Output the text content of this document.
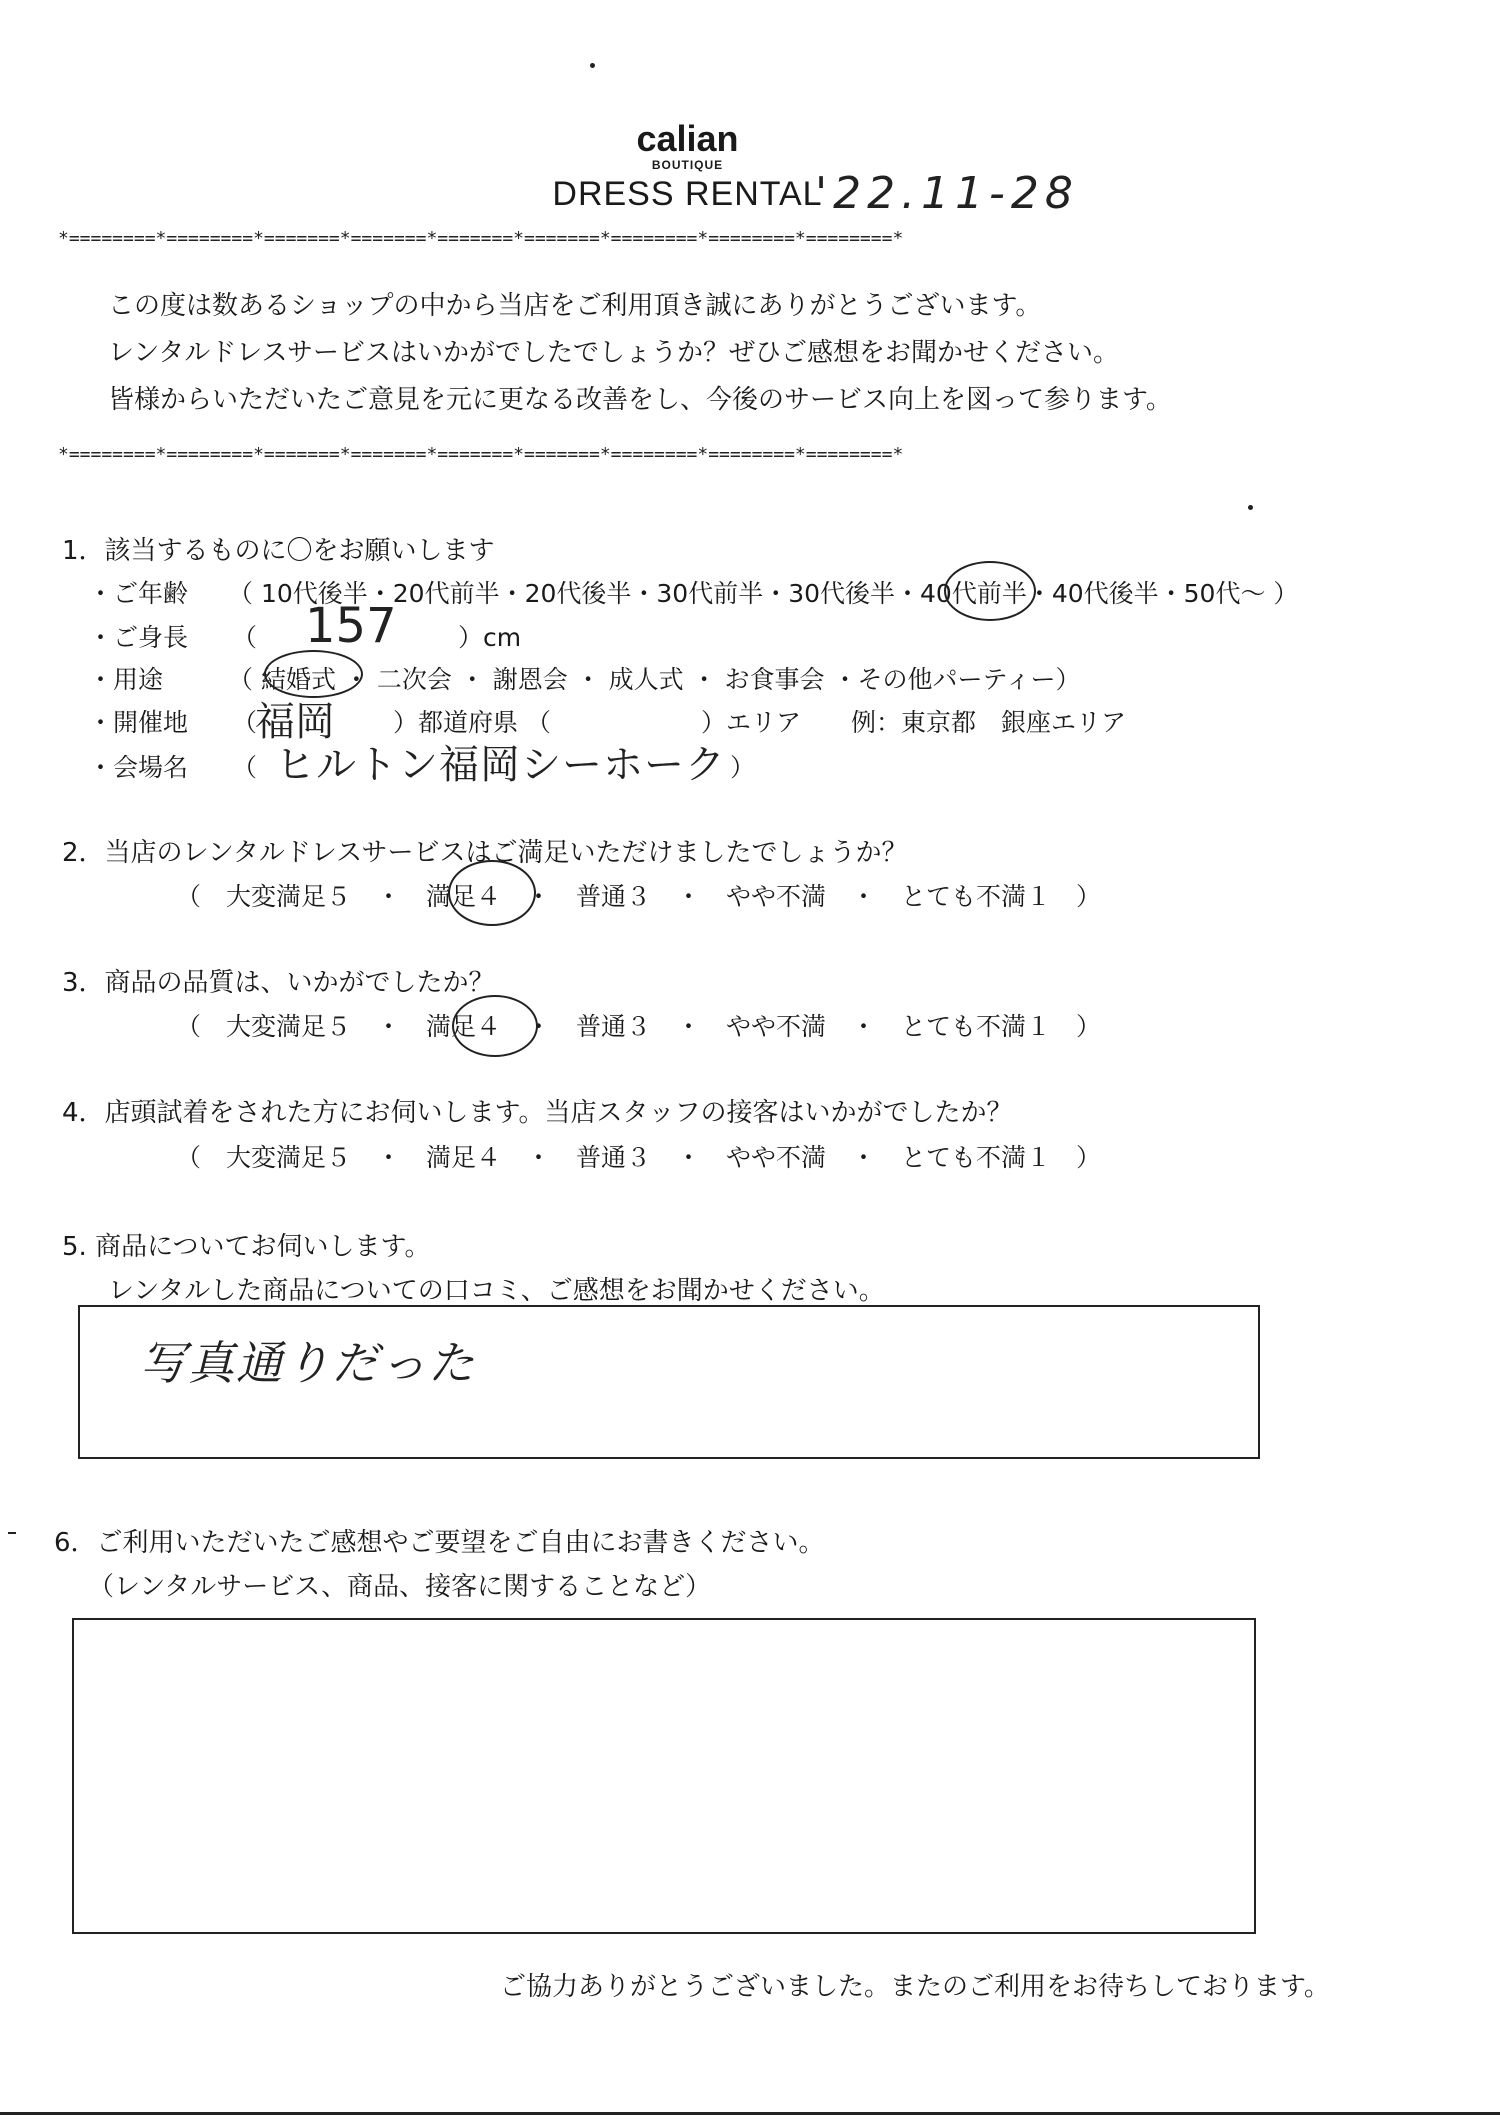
calian
BOUTIQUE
DRESS RENTAL
'22.11-28
*========*========*=======*=======*=======*=======*========*========*========*
*========*========*=======*=======*=======*=======*========*========*========*
この度は数あるショップの中から当店をご利用頂き誠にありがとうございます。
レンタルドレスサービスはいかがでしたでしょうか？ぜひご感想をお聞かせください。
皆様からいただいたご意見を元に更なる改善をし、今後のサービス向上を図って参ります。
1．該当するものに〇をお願いします
・ご年齢 （ 10代後半・20代前半・20代後半・30代前半・30代後半・40代前半・40代後半・50代～ ）
・ご身長 （ 157 ）cm
・用途	（ 結婚式 ・ 二次会 ・ 謝恩会 ・ 成人式 ・ お食事会 ・その他パーティー）
・開催地 （
福岡 ）都道府県 （　　　　　　）エリア　　例：東京都　銀座エリア
・会場名 （ ヒルトン福岡シーホーク ）
2．当店のレンタルドレスサービスはご満足いただけましたでしょうか？
（　大変満足５　・　満足４　・　普通３　・　やや不満　・　とても不満１　）
3．商品の品質は、いかがでしたか？
（　大変満足５　・　満足４　・　普通３　・　やや不満　・　とても不満１　）
4．店頭試着をされた方にお伺いします。当店スタッフの接客はいかがでしたか？
（　大変満足５　・　満足４　・　普通３　・　やや不満　・　とても不満１　）
5. 商品についてお伺いします。
レンタルした商品についての口コミ、ご感想をお聞かせください。
写真通りだった
6．ご利用いただいたご感想やご要望をご自由にお書きください。
（レンタルサービス、商品、接客に関することなど）
ご協力ありがとうございました。またのご利用をお待ちしております。
